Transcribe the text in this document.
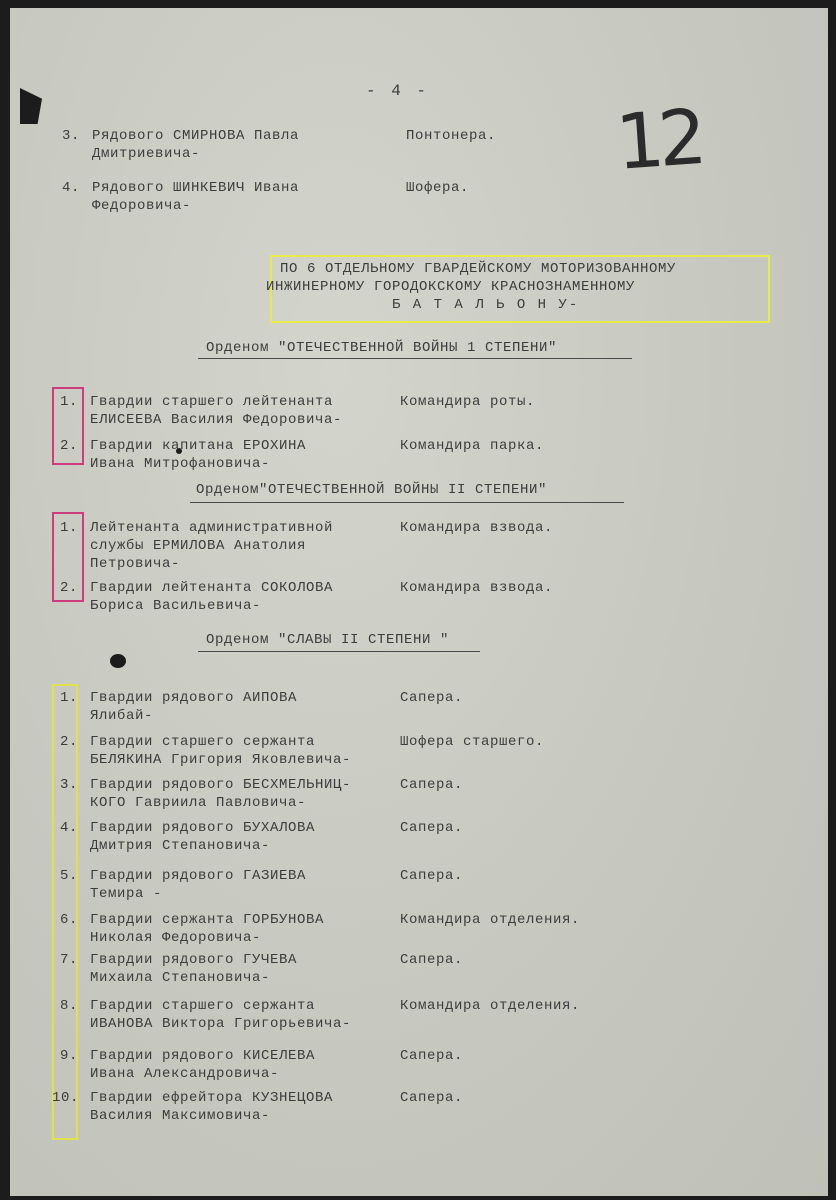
- 4 -
12
3. Рядового СМИРНОВА Павла
Дмитриевича-
Понтонера.
4. Рядового ШИНКЕВИЧ Ивана
Федоровича-
Шофера.
ПО 6 ОТДЕЛЬНОМУ ГВАРДЕЙСКОМУ МОТОРИЗОВАННОМУ
ИНЖИНЕРНОМУ ГОРОДОКСКОМУ КРАСНОЗНАМЕННОМУ
Б А Т А Л Ь О Н У-
Орденом "ОТЕЧЕСТВЕННОЙ ВОЙНЫ 1 СТЕПЕНИ"
1. Гвардии старшего лейтенанта
ЕЛИСЕЕВА Василия Федоровича-
Командира роты.
2. Гвардии капитана ЕРОХИНА
Ивана Митрофановича-
Командира парка.
Орденом"ОТЕЧЕСТВЕННОЙ ВОЙНЫ II СТЕПЕНИ"
1. Лейтенанта административной
службы ЕРМИЛОВА Анатолия
Петровича-
Командира взвода.
2. Гвардии лейтенанта СОКОЛОВА
Бориса Васильевича-
Командира взвода.
Орденом "СЛАВЫ II СТЕПЕНИ "
1. Гвардии рядового АИПОВА
Ялибай-
Сапера.
2. Гвардии старшего сержанта
БЕЛЯКИНА Григория Яковлевича-
Шофера старшего.
3. Гвардии рядового БЕСХМЕЛЬНИЦ-
КОГО Гавриила Павловича-
Сапера.
4. Гвардии рядового БУХАЛОВА
Дмитрия Степановича-
Сапера.
5. Гвардии рядового ГАЗИЕВА
Темира -
Сапера.
6. Гвардии сержанта ГОРБУНОВА
Николая Федоровича-
Командира отделения.
7. Гвардии рядового ГУЧЕВА
Михаила Степановича-
Сапера.
8. Гвардии старшего сержанта
ИВАНОВА Виктора Григорьевича-
Командира отделения.
9. Гвардии рядового КИСЕЛЕВА
Ивана Александровича-
Сапера.
10. Гвардии ефрейтора КУЗНЕЦОВА
Василия Максимовича-
Сапера.
